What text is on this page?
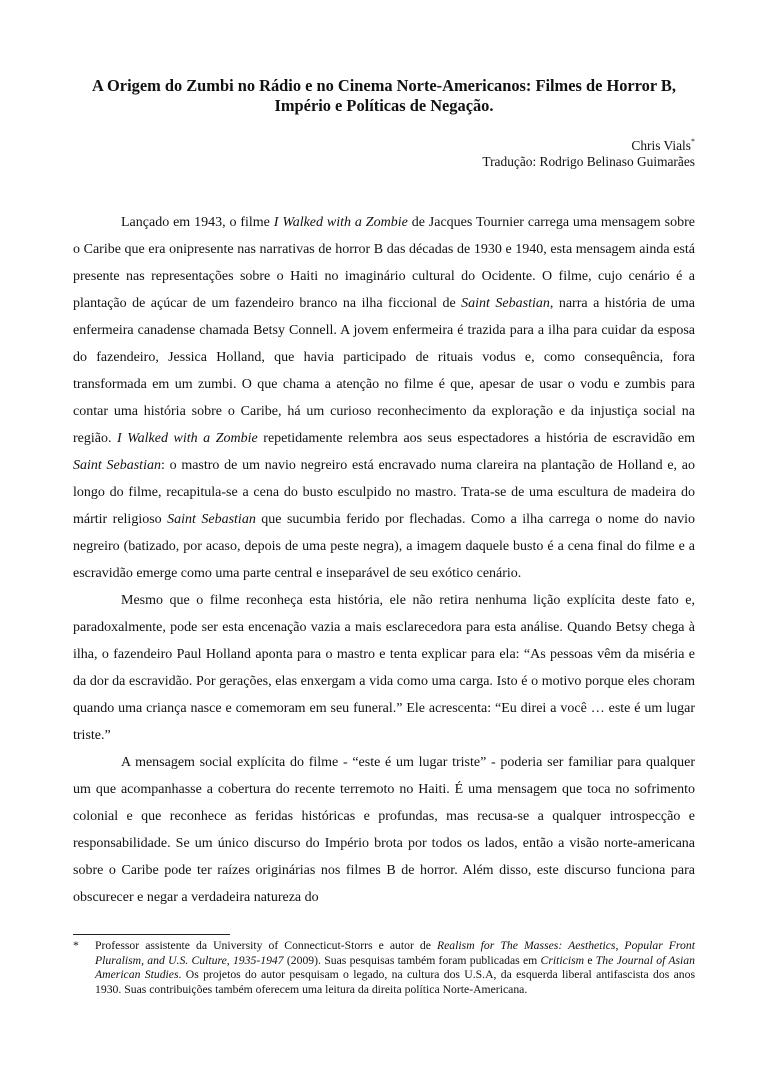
A Origem do Zumbi no Rádio e no Cinema Norte-Americanos: Filmes de Horror B, Império e Políticas de Negação.
Chris Vials*
Tradução: Rodrigo Belinaso Guimarães

Lançado em 1943, o filme I Walked with a Zombie de Jacques Tournier carrega uma mensagem sobre o Caribe que era onipresente nas narrativas de horror B das décadas de 1930 e 1940, esta mensagem ainda está presente nas representações sobre o Haiti no imaginário cultural do Ocidente. O filme, cujo cenário é a plantação de açúcar de um fazendeiro branco na ilha ficcional de Saint Sebastian, narra a história de uma enfermeira canadense chamada Betsy Connell. A jovem enfermeira é trazida para a ilha para cuidar da esposa do fazendeiro, Jessica Holland, que havia participado de rituais vodus e, como consequência, fora transformada em um zumbi. O que chama a atenção no filme é que, apesar de usar o vodu e zumbis para contar uma história sobre o Caribe, há um curioso reconhecimento da exploração e da injustiça social na região. I Walked with a Zombie repetidamente relembra aos seus espectadores a história de escravidão em Saint Sebastian: o mastro de um navio negreiro está encravado numa clareira na plantação de Holland e, ao longo do filme, recapitula-se a cena do busto esculpido no mastro. Trata-se de uma escultura de madeira do mártir religioso Saint Sebastian que sucumbia ferido por flechadas. Como a ilha carrega o nome do navio negreiro (batizado, por acaso, depois de uma peste negra), a imagem daquele busto é a cena final do filme e a escravidão emerge como uma parte central e inseparável de seu exótico cenário.

Mesmo que o filme reconheça esta história, ele não retira nenhuma lição explícita deste fato e, paradoxalmente, pode ser esta encenação vazia a mais esclarecedora para esta análise. Quando Betsy chega à ilha, o fazendeiro Paul Holland aponta para o mastro e tenta explicar para ela: “As pessoas vêm da miséria e da dor da escravidão. Por gerações, elas enxergam a vida como uma carga. Isto é o motivo porque eles choram quando uma criança nasce e comemoram em seu funeral.” Ele acrescenta: “Eu direi a você … este é um lugar triste.”

A mensagem social explícita do filme - “este é um lugar triste” - poderia ser familiar para qualquer um que acompanhasse a cobertura do recente terremoto no Haiti. É uma mensagem que toca no sofrimento colonial e que reconhece as feridas históricas e profundas, mas recusa-se a qualquer introspecção e responsabilidade. Se um único discurso do Império brota por todos os lados, então a visão norte-americana sobre o Caribe pode ter raízes originárias nos filmes B de horror. Além disso, este discurso funciona para obscurecer e negar a verdadeira natureza do

* Professor assistente da University of Connecticut-Storrs e autor de Realism for The Masses: Aesthetics, Popular Front Pluralism, and U.S. Culture, 1935-1947 (2009). Suas pesquisas também foram publicadas em Criticism e The Journal of Asian American Studies. Os projetos do autor pesquisam o legado, na cultura dos U.S.A, da esquerda liberal antifascista dos anos 1930. Suas contribuições também oferecem uma leitura da direita política Norte-Americana.
